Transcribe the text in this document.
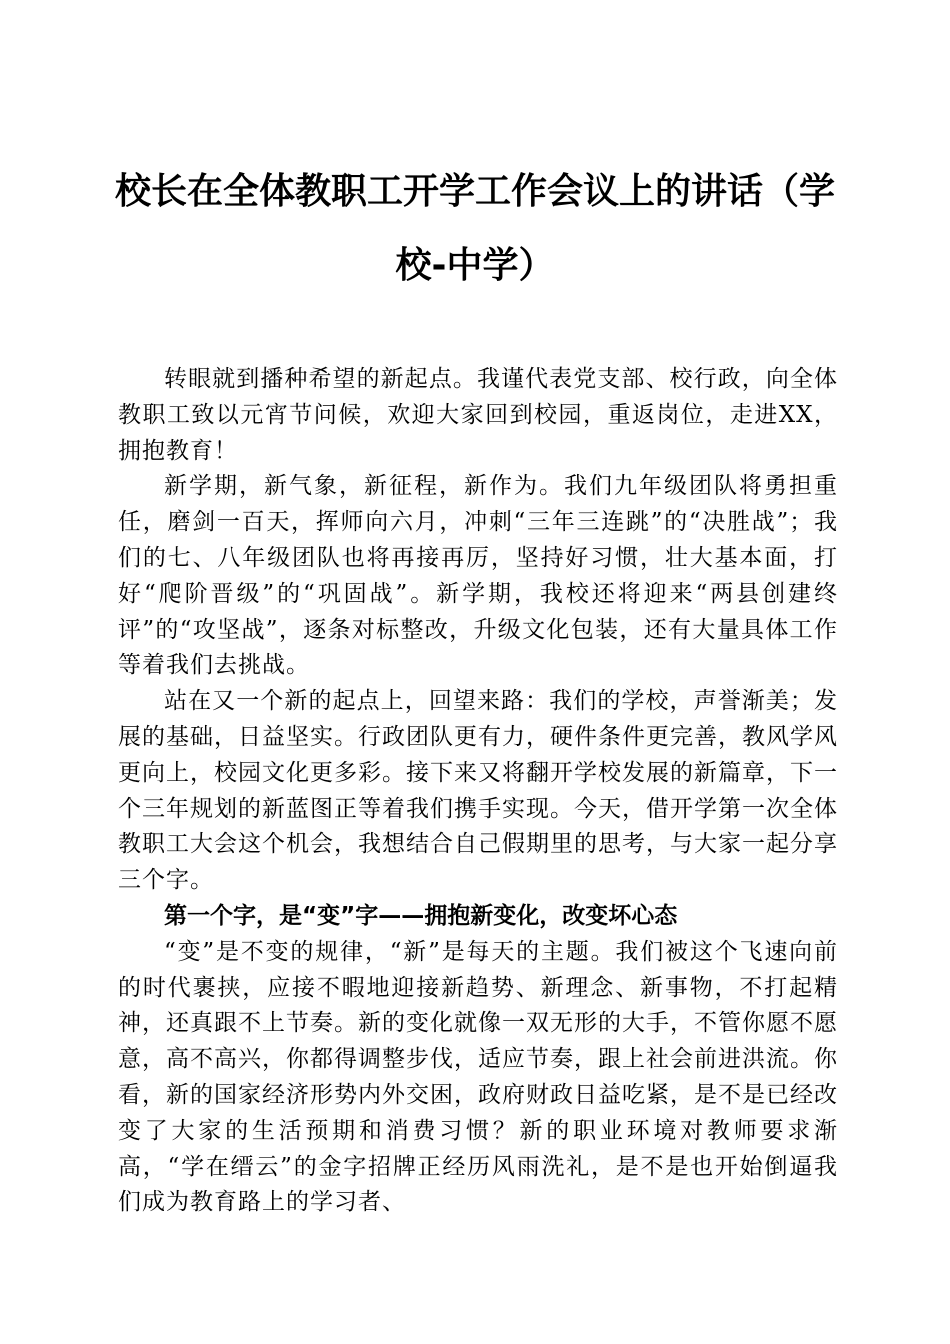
校长在全体教职工开学工作会议上的讲话（学
校-中学）

转眼就到播种希望的新起点。我谨代表党支部、校行政，向全体教职工致以元宵节问候，欢迎大家回到校园，重返岗位，走进XX，拥抱教育！

新学期，新气象，新征程，新作为。我们九年级团队将勇担重任，磨剑一百天，挥师向六月，冲刺“三年三连跳”的“决胜战”；我们的七、八年级团队也将再接再厉，坚持好习惯，壮大基本面，打好“爬阶晋级”的“巩固战”。新学期，我校还将迎来“两县创建终评”的“攻坚战”，逐条对标整改，升级文化包装，还有大量具体工作等着我们去挑战。

站在又一个新的起点上，回望来路：我们的学校，声誉渐美；发展的基础，日益坚实。行政团队更有力，硬件条件更完善，教风学风更向上，校园文化更多彩。接下来又将翻开学校发展的新篇章，下一个三年规划的新蓝图正等着我们携手实现。今天，借开学第一次全体教职工大会这个机会，我想结合自己假期里的思考，与大家一起分享三个字。

第一个字，是“变”字——拥抱新变化，改变坏心态

“变”是不变的规律，“新”是每天的主题。我们被这个飞速向前的时代裹挟，应接不暇地迎接新趋势、新理念、新事物，不打起精神，还真跟不上节奏。新的变化就像一双无形的大手，不管你愿不愿意，高不高兴，你都得调整步伐，适应节奏，跟上社会前进洪流。你看，新的国家经济形势内外交困，政府财政日益吃紧，是不是已经改变了大家的生活预期和消费习惯？新的职业环境对教师要求渐高，“学在缙云”的金字招牌正经历风雨洗礼，是不是也开始倒逼我们成为教育路上的学习者、
